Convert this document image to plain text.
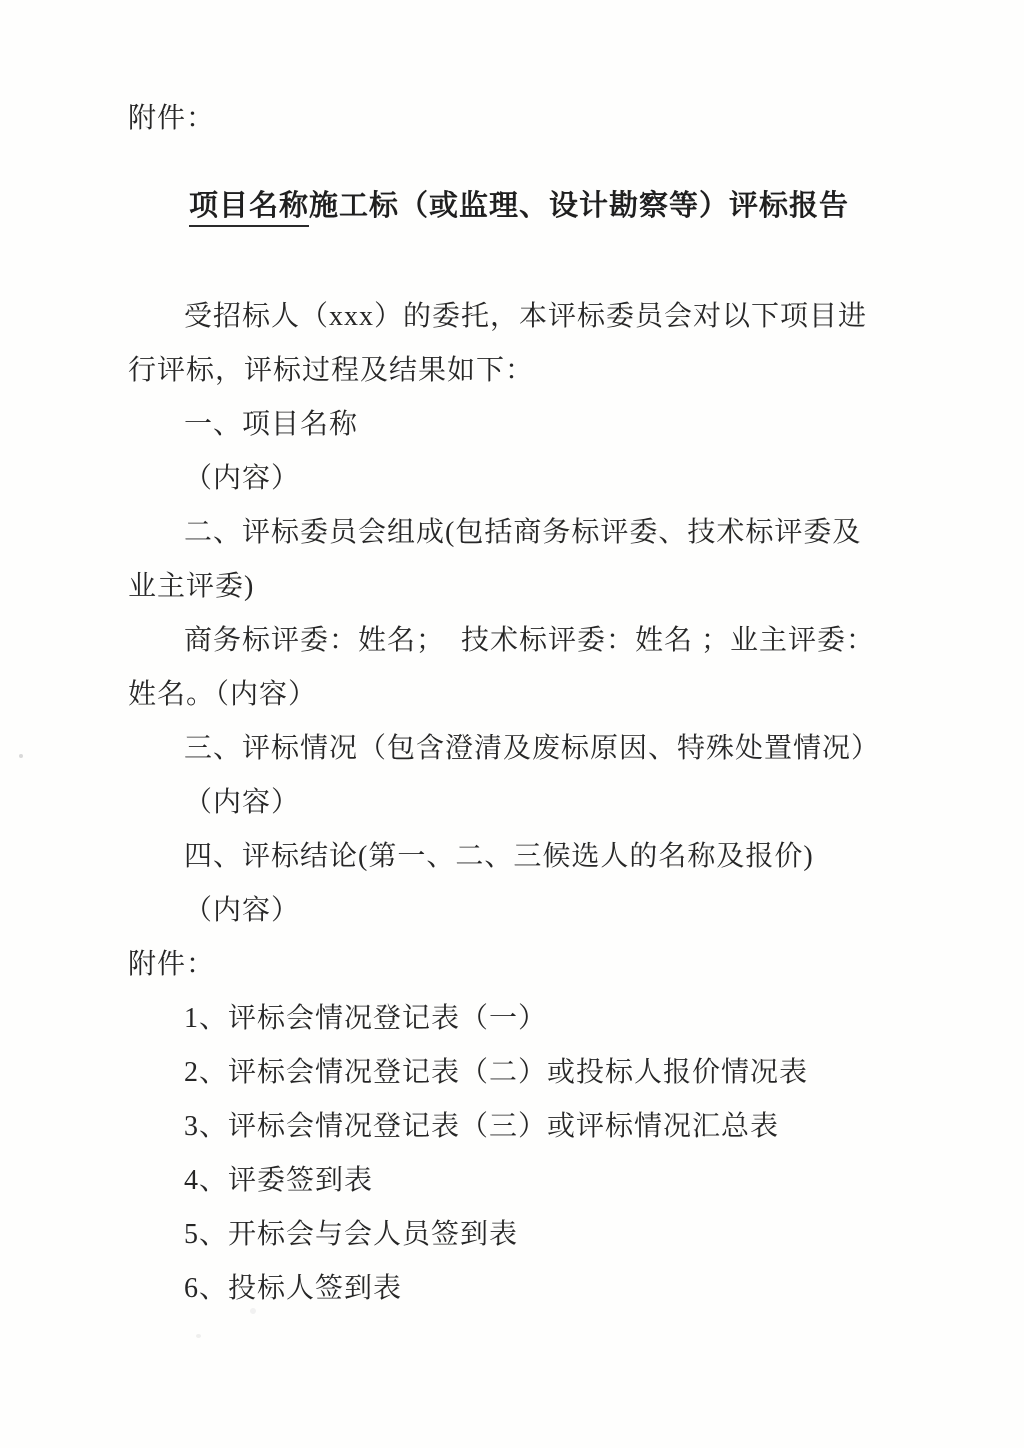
附件：
项目名称施工标（或监理、设计勘察等）评标报告
受招标人（xxx）的委托，本评标委员会对以下项目进
行评标，评标过程及结果如下：
一、项目名称
（内容）
二、评标委员会组成(包括商务标评委、技术标评委及
业主评委)
商务标评委：姓名；  技术标评委：姓名 ；业主评委：
姓名。（内容）
三、评标情况（包含澄清及废标原因、特殊处置情况）
（内容）
四、评标结论(第一、二、三候选人的名称及报价)
（内容）
附件：
1、评标会情况登记表（一）
2、评标会情况登记表（二）或投标人报价情况表
3、评标会情况登记表（三）或评标情况汇总表
4、评委签到表
5、开标会与会人员签到表
6、投标人签到表
